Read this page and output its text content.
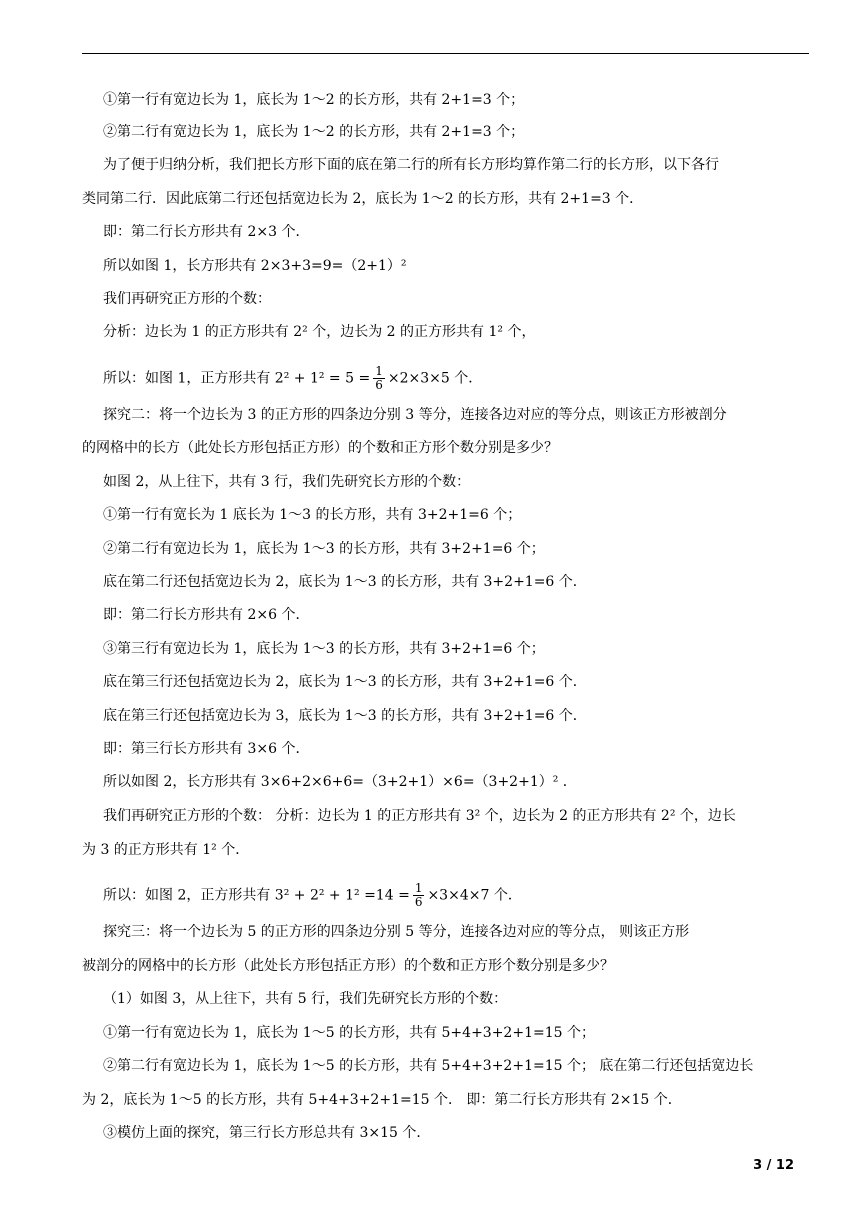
①第一行有宽边长为 1，底长为 1～2 的长方形，共有 2+1=3 个；
②第二行有宽边长为 1，底长为 1～2 的长方形，共有 2+1=3 个；
为了便于归纳分析，我们把长方形下面的底在第二行的所有长方形均算作第二行的长方形，以下各行
类同第二行．因此底第二行还包括宽边长为 2，底长为 1～2 的长方形，共有 2+1=3 个．
即：第二行长方形共有 2×3 个．
所以如图 1，长方形共有 2×3+3=9=（2+1）²
我们再研究正方形的个数：
分析：边长为 1 的正方形共有 2² 个，边长为 2 的正方形共有 1² 个，
所以：如图 1，正方形共有 $2^2 + 1^2 = 5 = \frac{1}{6} \times 2\times 3\times 5$ 个．
探究二：将一个边长为 3 的正方形的四条边分别 3 等分，连接各边对应的等分点，则该正方形被剖分
的网格中的长方（此处长方形包括正方形）的个数和正方形个数分别是多少？
如图 2，从上往下，共有 3 行，我们先研究长方形的个数：
①第一行有宽长为 1 底长为 1～3 的长方形，共有 3+2+1=6 个；
②第二行有宽边长为 1，底长为 1～3 的长方形，共有 3+2+1=6 个；
底在第二行还包括宽边长为 2，底长为 1～3 的长方形，共有 3+2+1=6 个．
即：第二行长方形共有 2×6 个．
③第三行有宽边长为 1，底长为 1～3 的长方形，共有 3+2+1=6 个；
底在第三行还包括宽边长为 2，底长为 1～3 的长方形，共有 3+2+1=6 个．
底在第三行还包括宽边长为 3，底长为 1～3 的长方形，共有 3+2+1=6 个．
即：第三行长方形共有 3×6 个．
所以如图 2，长方形共有 3×6+2×6+6=（3+2+1）×6=（3+2+1）² ．
我们再研究正方形的个数： 分析：边长为 1 的正方形共有 3² 个，边长为 2 的正方形共有 2² 个，边长
为 3 的正方形共有 1² 个．
所以：如图 2，正方形共有 $3^2 + 2^2 + 1^2 =14 = \frac{1}{6} \times 3\times 4\times 7$ 个．
探究三：将一个边长为 5 的正方形的四条边分别 5 等分，连接各边对应的等分点， 则该正方形
被剖分的网格中的长方形（此处长方形包括正方形）的个数和正方形个数分别是多少？
（1）如图 3，从上往下，共有 5 行，我们先研究长方形的个数：
①第一行有宽边长为 1，底长为 1～5 的长方形，共有 5+4+3+2+1=15 个；
②第二行有宽边长为 1，底长为 1～5 的长方形，共有 5+4+3+2+1=15 个； 底在第二行还包括宽边长
为 2，底长为 1～5 的长方形，共有 5+4+3+2+1=15 个． 即：第二行长方形共有 2×15 个．
③模仿上面的探究，第三行长方形总共有 3×15 个．
3 / 12
